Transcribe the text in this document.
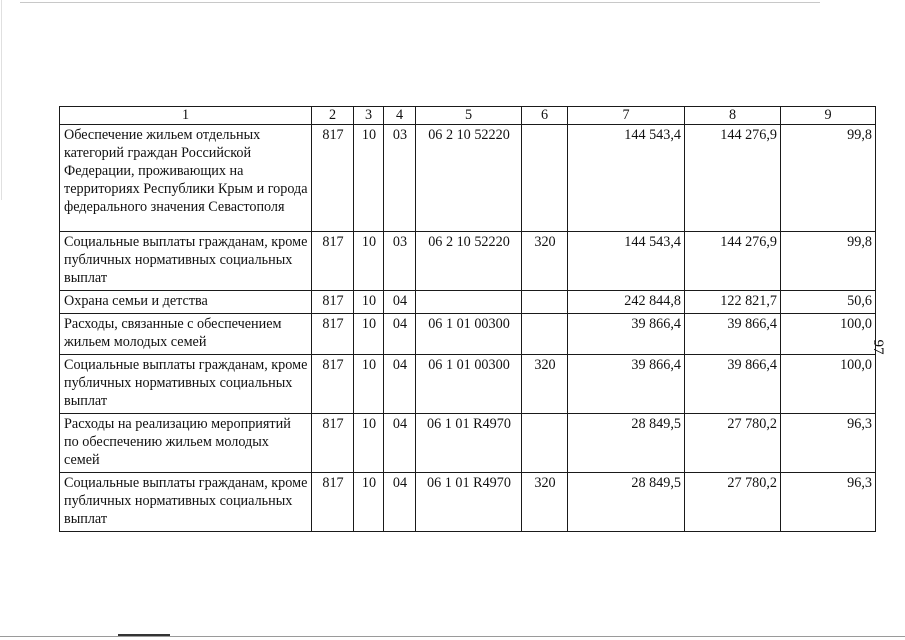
97
1	2	3	4	5	6	7	8	9
Обеспечение жильем отдельных категорий граждан Российской Федерации, проживающих на территориях Республики Крым и города федерального значения Севастополя	817	10	03	06 2 10 52220		144 543,4	144 276,9	99,8
Социальные выплаты гражданам, кроме публичных нормативных социальных выплат	817	10	03	06 2 10 52220	320	144 543,4	144 276,9	99,8
Охрана семьи и детства	817	10	04			242 844,8	122 821,7	50,6
Расходы, связанные с обеспечением жильем молодых семей	817	10	04	06 1 01 00300		39 866,4	39 866,4	100,0
Социальные выплаты гражданам, кроме публичных нормативных социальных выплат	817	10	04	06 1 01 00300	320	39 866,4	39 866,4	100,0
Расходы на реализацию мероприятий по обеспечению жильем молодых семей	817	10	04	06 1 01 R4970		28 849,5	27 780,2	96,3
Социальные выплаты гражданам, кроме публичных нормативных социальных выплат	817	10	04	06 1 01 R4970	320	28 849,5	27 780,2	96,3
